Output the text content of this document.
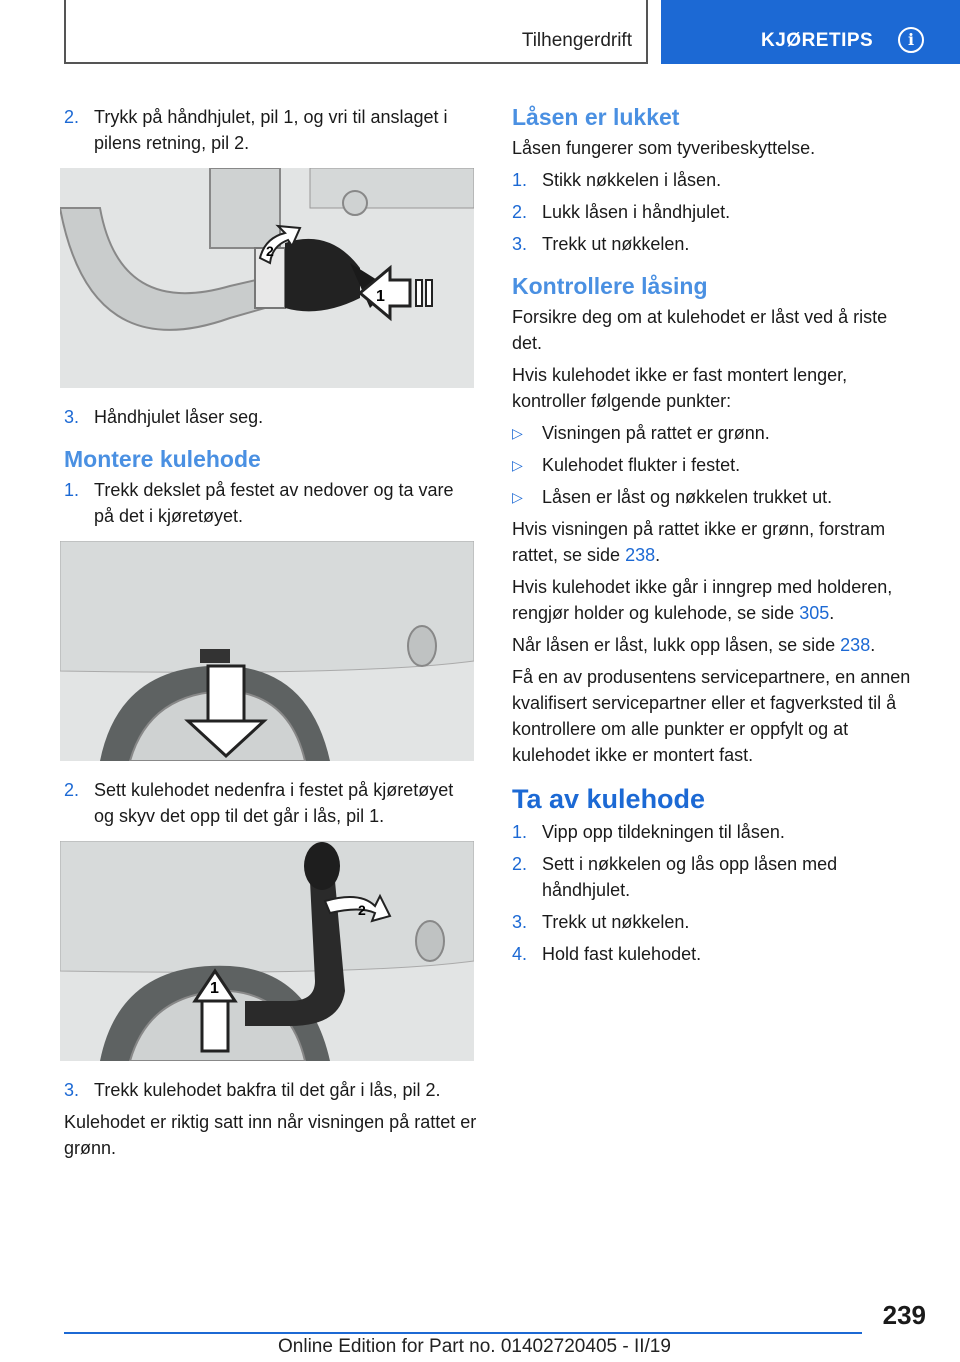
Tilhengerdrift	KJØRETIPS	i
2. Trykk på håndhjulet, pil 1, og vri til anslaget i pilens retning, pil 2.
1
2
3. Håndhjulet låser seg.
Montere kulehode
1. Trekk dekslet på festet av nedover og ta vare på det i kjøretøyet.
2. Sett kulehodet nedenfra i festet på kjøretøyet og skyv det opp til det går i lås, pil 1.
1
2
3. Trekk kulehodet bakfra til det går i lås, pil 2.
Kulehodet er riktig satt inn når visningen på rattet er grønn.
Låsen er lukket
Låsen fungerer som tyveribeskyttelse.
1. Stikk nøkkelen i låsen.
2. Lukk låsen i håndhjulet.
3. Trekk ut nøkkelen.
Kontrollere låsing
Forsikre deg om at kulehodet er låst ved å riste det.
Hvis kulehodet ikke er fast montert lenger, kontroller følgende punkter:
▷ Visningen på rattet er grønn.
▷ Kulehodet flukter i festet.
▷ Låsen er låst og nøkkelen trukket ut.
Hvis visningen på rattet ikke er grønn, forstram rattet, se side 238.
Hvis kulehodet ikke går i inngrep med holderen, rengjør holder og kulehode, se side 305.
Når låsen er låst, lukk opp låsen, se side 238.
Få en av produsentens servicepartnere, en annen kvalifisert servicepartner eller et fagverksted til å kontrollere om alle punkter er oppfylt og at kulehodet ikke er montert fast.
Ta av kulehode
1. Vipp opp tildekningen til låsen.
2. Sett i nøkkelen og lås opp låsen med håndhjulet.
3. Trekk ut nøkkelen.
4. Hold fast kulehodet.
239
Online Edition for Part no. 01402720405 - II/19
